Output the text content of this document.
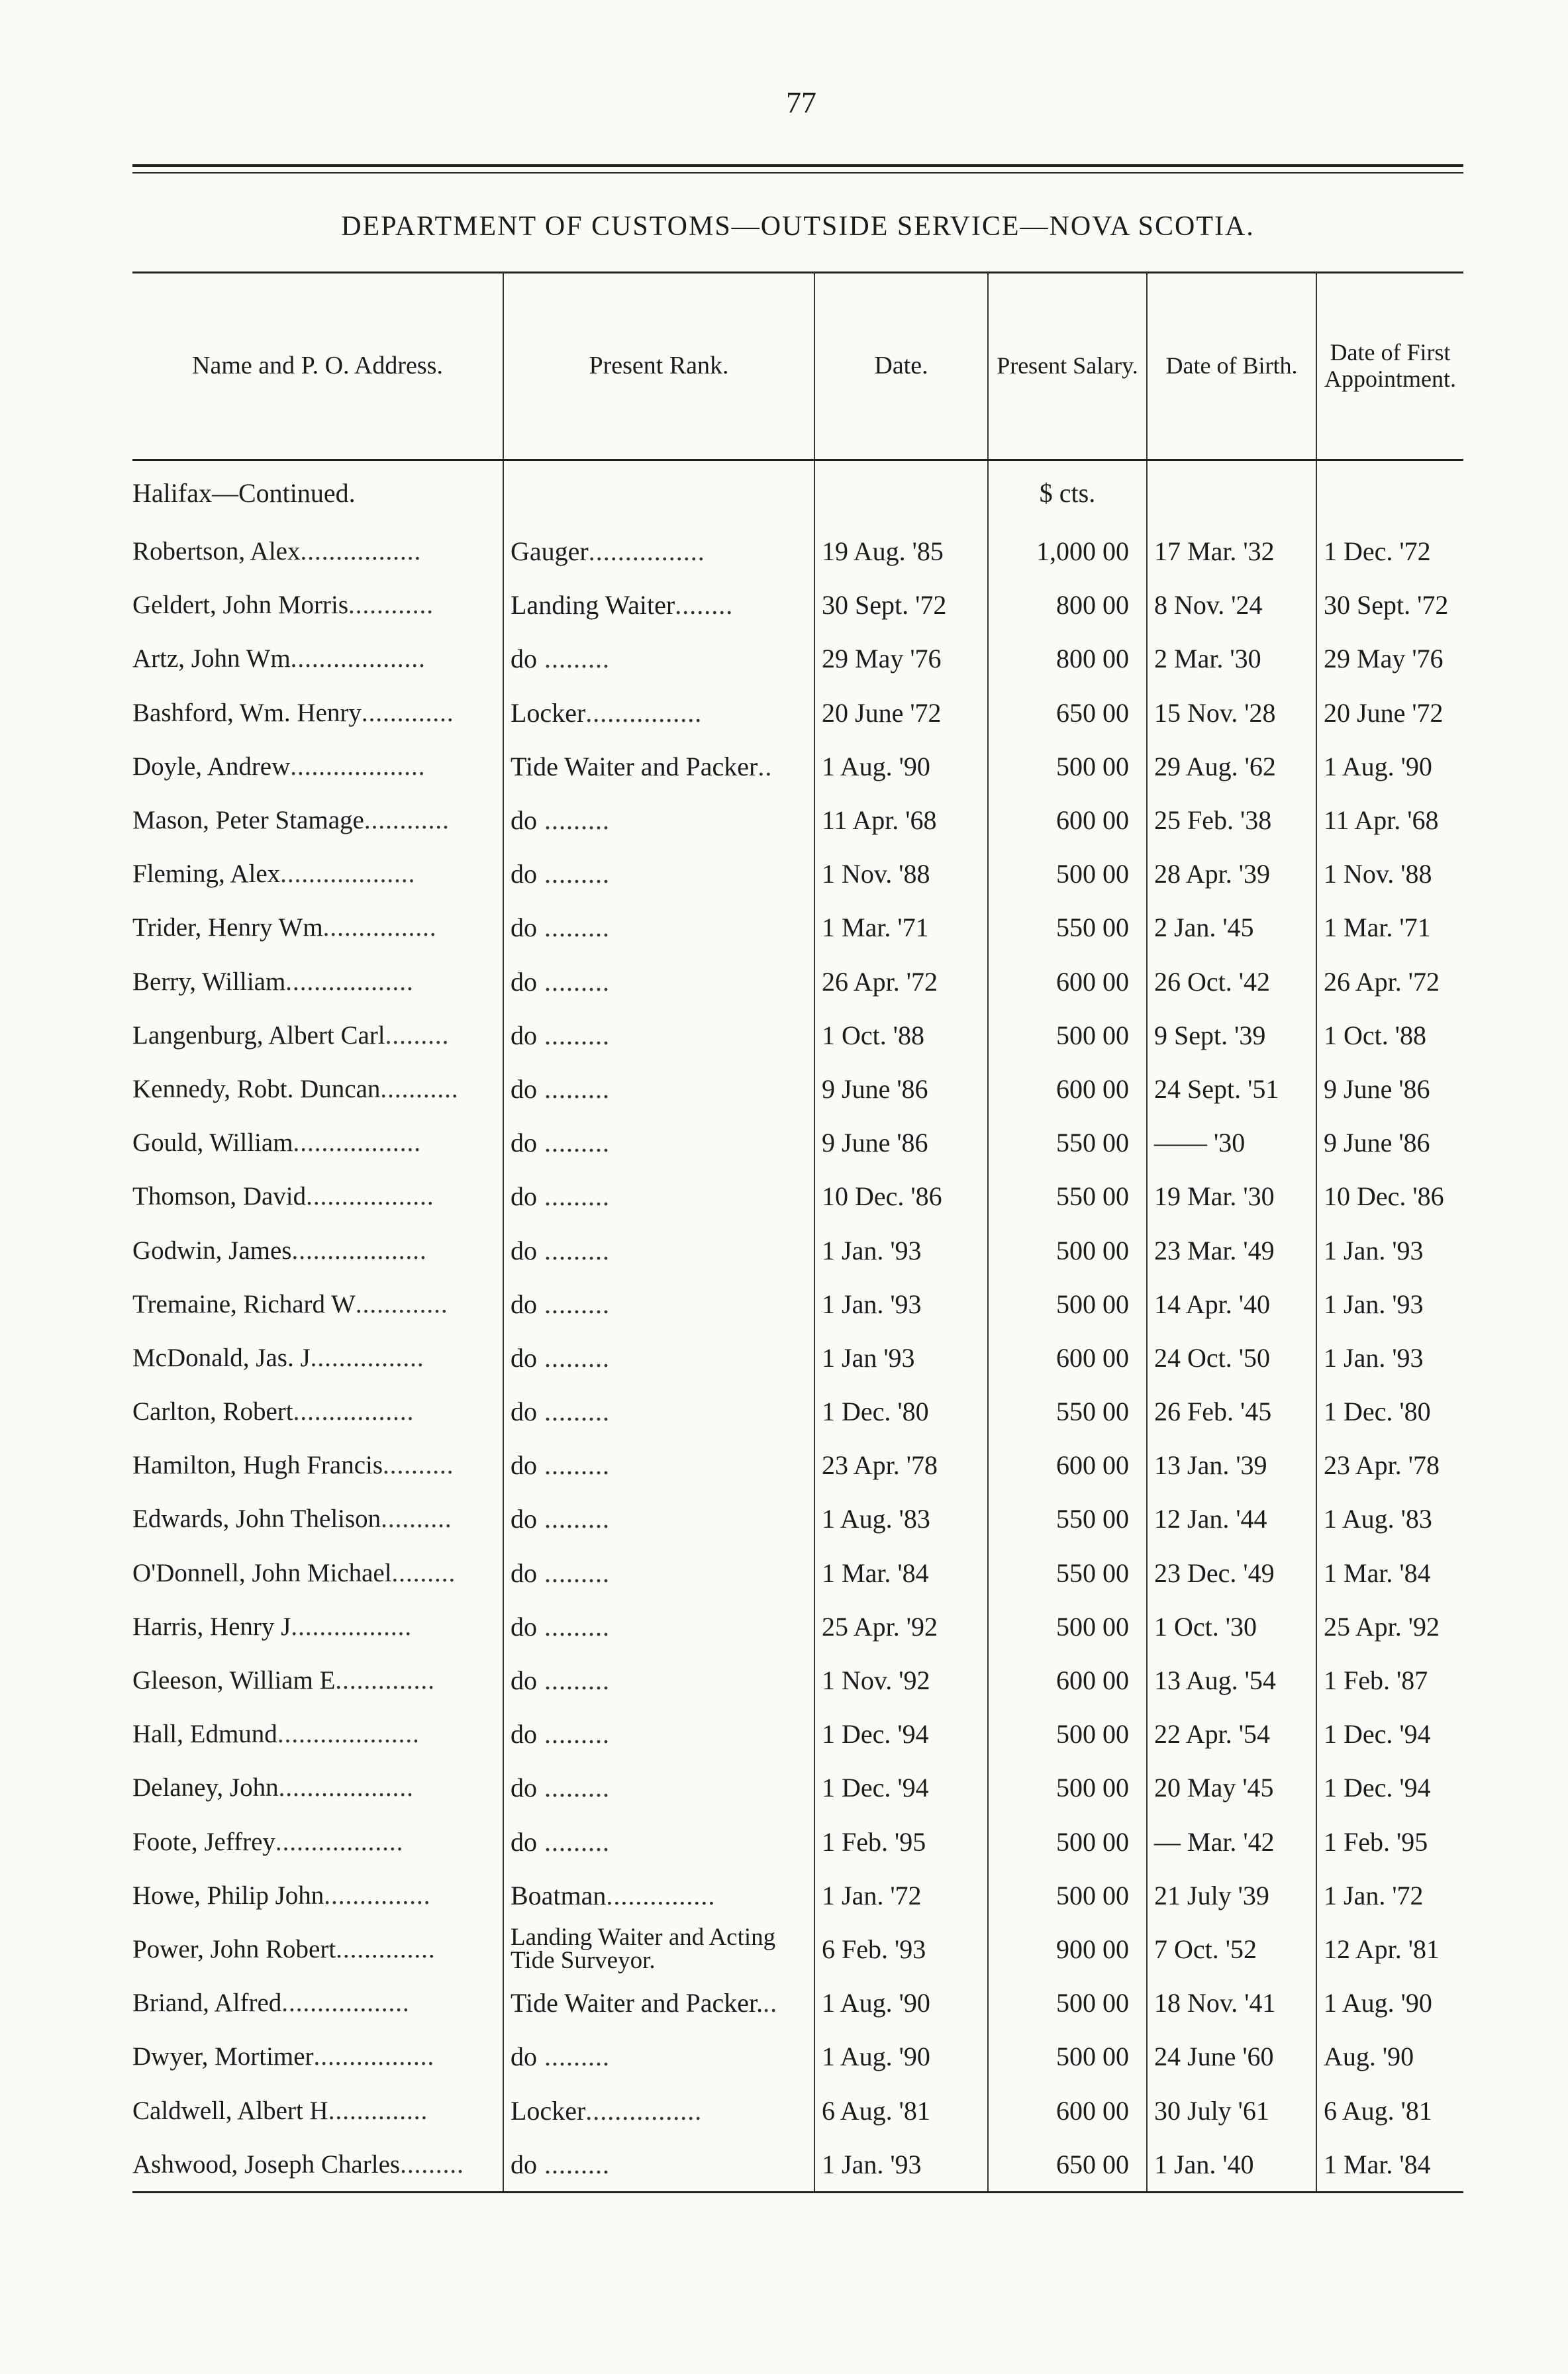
77
DEPARTMENT OF CUSTOMS—OUTSIDE SERVICE—NOVA SCOTIA.
Name and P. O. Address.	Present Rank.	Date.	Present Salary.	Date of Birth.	Date of First Appointment.
Halifax—Continued.			$ cts.		
Robertson, Alex.................	Gauger................	19 Aug. '85	1,000 00	17 Mar. '32	1 Dec. '72
Geldert, John Morris............	Landing Waiter........	30 Sept. '72	800 00	8 Nov. '24	30 Sept. '72
Artz, John Wm...................	do .........	29 May '76	800 00	2 Mar. '30	29 May '76
Bashford, Wm. Henry.............	Locker................	20 June '72	650 00	15 Nov. '28	20 June '72
Doyle, Andrew...................	Tide Waiter and Packer..	1 Aug. '90	500 00	29 Aug. '62	1 Aug. '90
Mason, Peter Stamage............	do .........	11 Apr. '68	600 00	25 Feb. '38	11 Apr. '68
Fleming, Alex...................	do .........	1 Nov. '88	500 00	28 Apr. '39	1 Nov. '88
Trider, Henry Wm................	do .........	1 Mar. '71	550 00	2 Jan. '45	1 Mar. '71
Berry, William..................	do .........	26 Apr. '72	600 00	26 Oct. '42	26 Apr. '72
Langenburg, Albert Carl.........	do .........	1 Oct. '88	500 00	9 Sept. '39	1 Oct. '88
Kennedy, Robt. Duncan...........	do .........	9 June '86	600 00	24 Sept. '51	9 June '86
Gould, William..................	do .........	9 June '86	550 00	—— '30	9 June '86
Thomson, David..................	do .........	10 Dec. '86	550 00	19 Mar. '30	10 Dec. '86
Godwin, James...................	do .........	1 Jan. '93	500 00	23 Mar. '49	1 Jan. '93
Tremaine, Richard W.............	do .........	1 Jan. '93	500 00	14 Apr. '40	1 Jan. '93
McDonald, Jas. J................	do .........	1 Jan '93	600 00	24 Oct. '50	1 Jan. '93
Carlton, Robert.................	do .........	1 Dec. '80	550 00	26 Feb. '45	1 Dec. '80
Hamilton, Hugh Francis..........	do .........	23 Apr. '78	600 00	13 Jan. '39	23 Apr. '78
Edwards, John Thelison..........	do .........	1 Aug. '83	550 00	12 Jan. '44	1 Aug. '83
O'Donnell, John Michael.........	do .........	1 Mar. '84	550 00	23 Dec. '49	1 Mar. '84
Harris, Henry J.................	do .........	25 Apr. '92	500 00	1 Oct. '30	25 Apr. '92
Gleeson, William E..............	do .........	1 Nov. '92	600 00	13 Aug. '54	1 Feb. '87
Hall, Edmund....................	do .........	1 Dec. '94	500 00	22 Apr. '54	1 Dec. '94
Delaney, John...................	do .........	1 Dec. '94	500 00	20 May '45	1 Dec. '94
Foote, Jeffrey..................	do .........	1 Feb. '95	500 00	— Mar. '42	1 Feb. '95
Howe, Philip John...............	Boatman...............	1 Jan. '72	500 00	21 July '39	1 Jan. '72
Power, John Robert..............	Landing Waiter and Acting Tide Surveyor.	6 Feb. '93	900 00	7 Oct. '52	12 Apr. '81
Briand, Alfred..................	Tide Waiter and Packer...	1 Aug. '90	500 00	18 Nov. '41	1 Aug. '90
Dwyer, Mortimer.................	do .........	1 Aug. '90	500 00	24 June '60	Aug. '90
Caldwell, Albert H..............	Locker................	6 Aug. '81	600 00	30 July '61	6 Aug. '81
Ashwood, Joseph Charles.........	do .........	1 Jan. '93	650 00	1 Jan. '40	1 Mar. '84
